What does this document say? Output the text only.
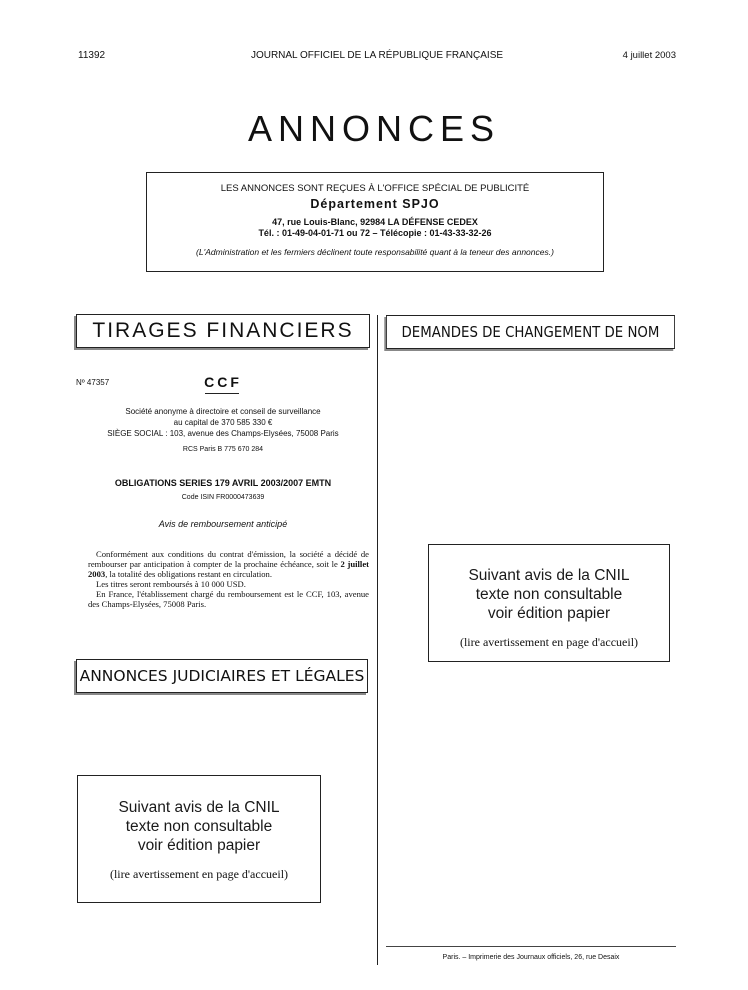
11392	JOURNAL OFFICIEL DE LA RÉPUBLIQUE FRANÇAISE	4 juillet 2003
ANNONCES
LES ANNONCES SONT REÇUES À L'OFFICE SPÉCIAL DE PUBLICITÉ
Département SPJO
47, rue Louis-Blanc, 92984 LA DÉFENSE CEDEX
Tél. : 01-49-04-01-71 ou 72 – Télécopie : 01-43-33-32-26
(L'Administration et les fermiers déclinent toute responsabilité quant à la teneur des annonces.)
TIRAGES FINANCIERS	DEMANDES DE CHANGEMENT DE NOM
Nº 47357	CCF
Société anonyme à directoire et conseil de surveillance
au capital de 370 585 330 €
SIÈGE SOCIAL : 103, avenue des Champs-Elysées, 75008 Paris
RCS Paris B 775 670 284
OBLIGATIONS SERIES 179 AVRIL 2003/2007 EMTN
Code ISIN FR0000473639
Avis de remboursement anticipé

Conformément aux conditions du contrat d'émission, la société a décidé de rembourser par anticipation à compter de la prochaine échéance, soit le 2 juillet 2003, la totalité des obligations restant en circulation.

Les titres seront remboursés à 10 000 USD.

En France, l'établissement chargé du remboursement est le CCF, 103, avenue des Champs-Elysées, 75008 Paris.

ANNONCES JUDICIAIRES ET LÉGALES
Suivant avis de la CNIL
texte non consultable
voir édition papier
(lire avertissement en page d'accueil)
Suivant avis de la CNIL
texte non consultable
voir édition papier
(lire avertissement en page d'accueil)
Paris. – Imprimerie des Journaux officiels, 26, rue Desaix
